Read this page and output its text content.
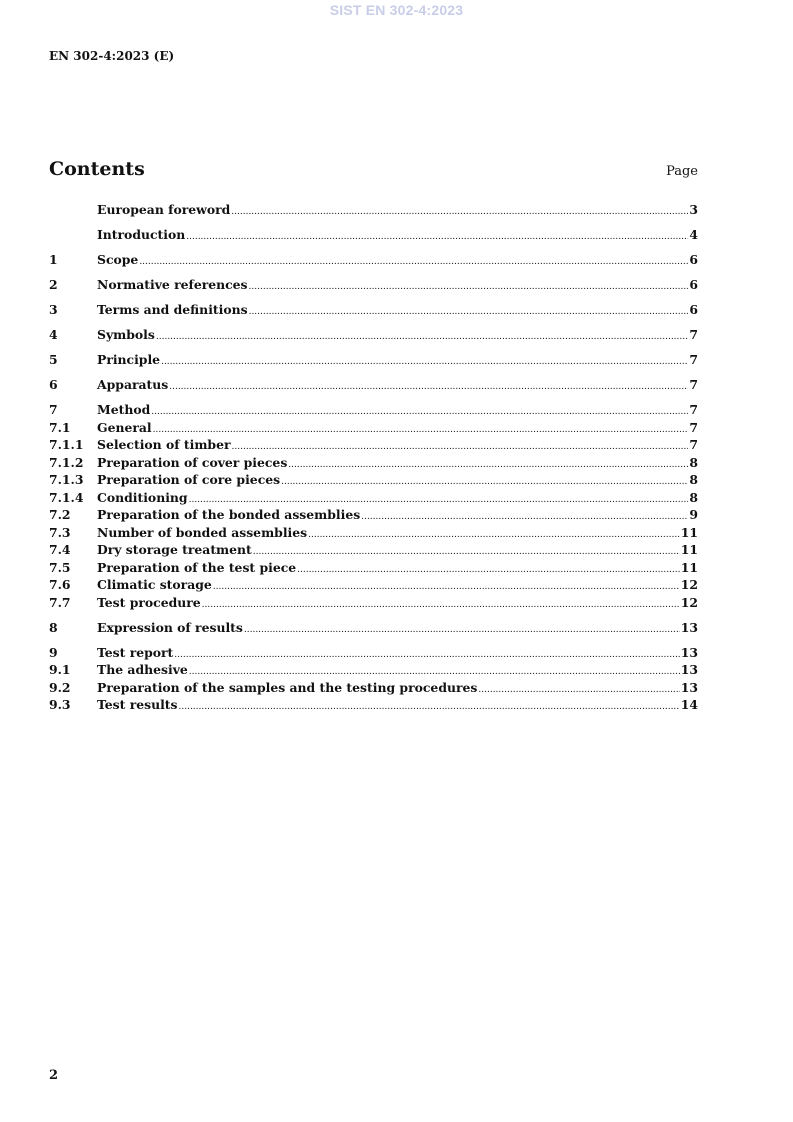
SIST EN 302-4:2023
EN 302-4:2023 (E)
Contents	Page
European foreword .....	3
Introduction .....	4
1	Scope .....	6
2	Normative references .....	6
3	Terms and definitions .....	6
4	Symbols .....	7
5	Principle .....	7
6	Apparatus .....	7
7	Method .....	7
7.1	General .....	7
7.1.1	Selection of timber .....	7
7.1.2	Preparation of cover pieces .....	8
7.1.3	Preparation of core pieces .....	8
7.1.4	Conditioning .....	8
7.2	Preparation of the bonded assemblies .....	9
7.3	Number of bonded assemblies .....	11
7.4	Dry storage treatment .....	11
7.5	Preparation of the test piece .....	11
7.6	Climatic storage .....	12
7.7	Test procedure .....	12
8	Expression of results .....	13
9	Test report .....	13
9.1	The adhesive .....	13
9.2	Preparation of the samples and the testing procedures .....	13
9.3	Test results .....	14
2
